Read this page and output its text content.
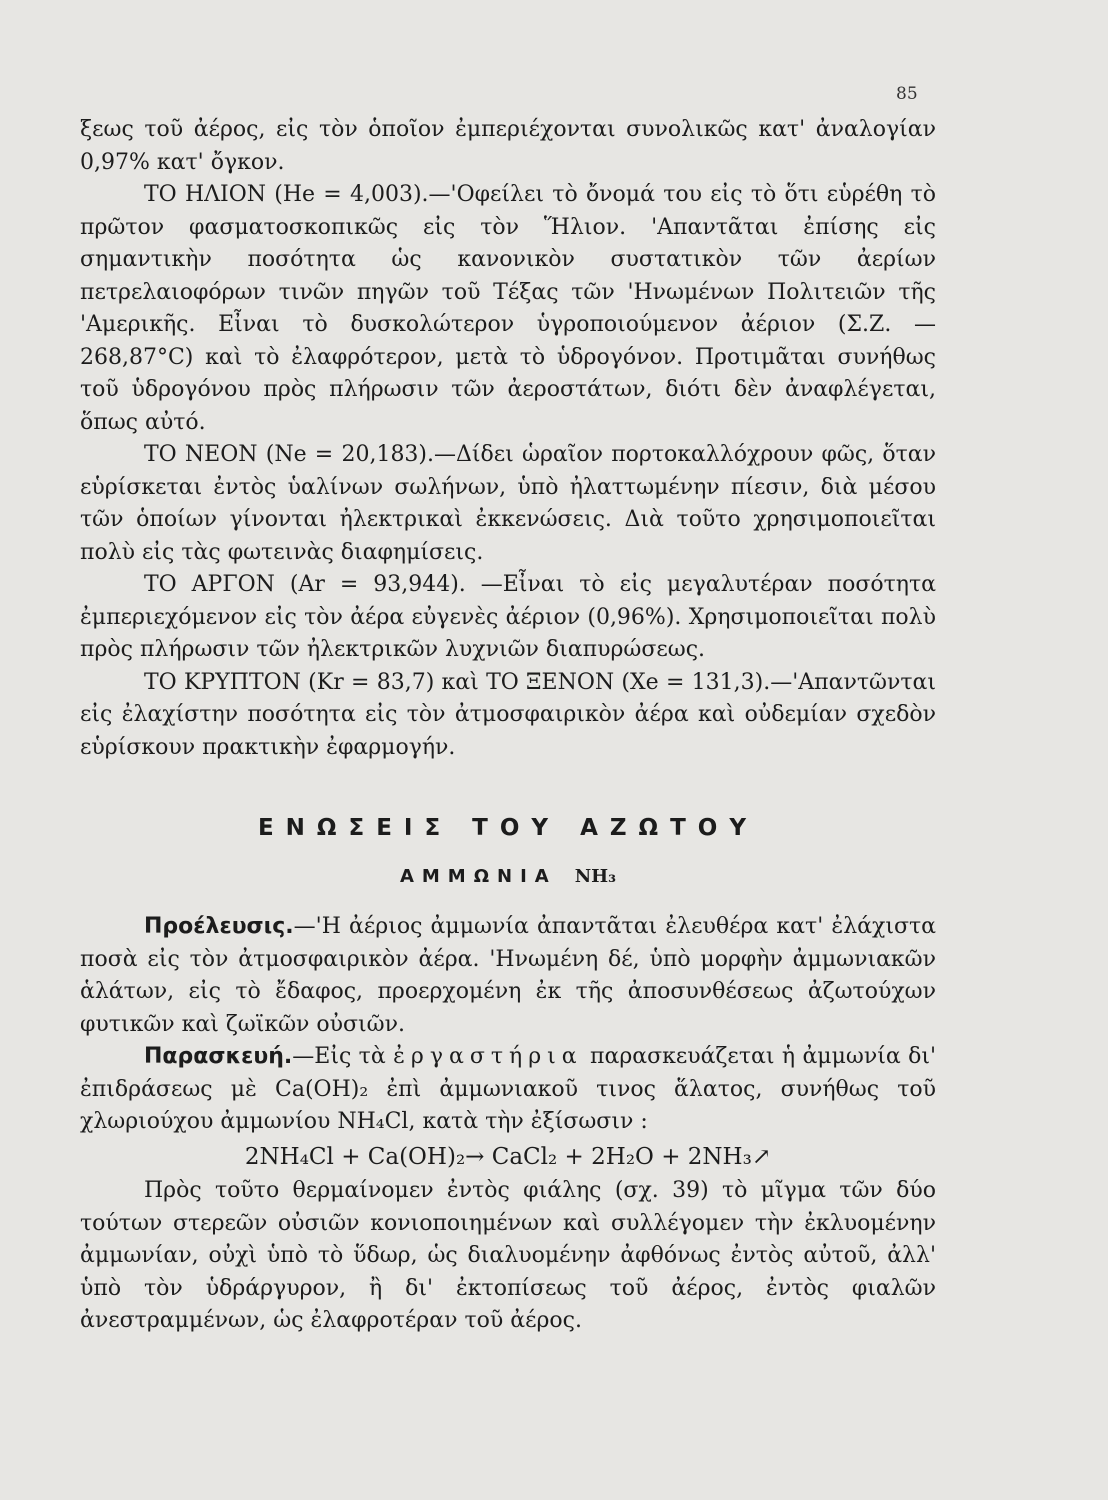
85

ξεως τοῦ ἀέρος, εἰς τὸν ὁποῖον ἐμπεριέχονται συνολικῶς κατ' ἀναλογίαν 0,97% κατ' ὄγκον.

ΤΟ ΗΛΙΟΝ (He = 4,003).—'Οφείλει τὸ ὄνομά του εἰς τὸ ὅτι εὑρέθη τὸ πρῶτον φασματοσκοπικῶς εἰς τὸν Ἥλιον. 'Απαντᾶται ἐπίσης εἰς σημαντικὴν ποσότητα ὡς κανονικὸν συστατικὸν τῶν ἀερίων πετρελαιοφόρων τινῶν πηγῶν τοῦ Τέξας τῶν 'Ηνωμένων Πολιτειῶν τῆς 'Αμερικῆς. Εἶναι τὸ δυσκολώτερον ὑγροποιούμενον ἀέριον (Σ.Ζ. —268,87°C) καὶ τὸ ἐλαφρότερον, μετὰ τὸ ὑδρογόνον. Προτιμᾶται συνήθως τοῦ ὑδρογόνου πρὸς πλήρωσιν τῶν ἀεροστάτων, διότι δὲν ἀναφλέγεται, ὅπως αὐτό.

ΤΟ ΝΕΟΝ (Ne = 20,183).—Δίδει ὡραῖον πορτοκαλλόχρουν φῶς, ὅταν εὑρίσκεται ἐντὸς ὑαλίνων σωλήνων, ὑπὸ ἠλαττωμένην πίεσιν, διὰ μέσου τῶν ὁποίων γίνονται ἠλεκτρικαὶ ἐκκενώσεις. Διὰ τοῦτο χρησιμοποιεῖται πολὺ εἰς τὰς φωτεινὰς διαφημίσεις.

ΤΟ ΑΡΓΟΝ (Ar = 93,944). —Εἶναι τὸ εἰς μεγαλυτέραν ποσότητα ἐμπεριεχόμενον εἰς τὸν ἀέρα εὐγενὲς ἀέριον (0,96%). Χρησιμοποιεῖται πολὺ πρὸς πλήρωσιν τῶν ἠλεκτρικῶν λυχνιῶν διαπυρώσεως.

ΤΟ ΚΡΥΠΤΟΝ (Kr = 83,7) καὶ ΤΟ ΞΕΝΟΝ (Xe = 131,3).—'Απαντῶνται εἰς ἐλαχίστην ποσότητα εἰς τὸν ἀτμοσφαιρικὸν ἀέρα καὶ οὐδεμίαν σχεδὸν εὑρίσκουν πρακτικὴν ἐφαρμογήν.

ΕΝΩΣΕΙΣ ΤΟΥ ΑΖΩΤΟΥ
ΑΜΜΩΝΙΑ NH₃

Προέλευσις.—'Η ἀέριος ἀμμωνία ἀπαντᾶται ἐλευθέρα κατ' ἐλάχιστα ποσὰ εἰς τὸν ἀτμοσφαιρικὸν ἀέρα. 'Ηνωμένη δέ, ὑπὸ μορφὴν ἀμμωνιακῶν ἁλάτων, εἰς τὸ ἔδαφος, προερχομένη ἐκ τῆς ἀποσυνθέσεως ἀζωτούχων φυτικῶν καὶ ζωϊκῶν οὐσιῶν.

Παρασκευή.—Εἰς τὰ ἐργαστήρια παρασκευάζεται ἡ ἀμμωνία δι' ἐπιδράσεως μὲ Ca(OH)₂ ἐπὶ ἀμμωνιακοῦ τινος ἅλατος, συνήθως τοῦ χλωριούχου ἀμμωνίου NH₄Cl, κατὰ τὴν ἐξίσωσιν :

2NH₄Cl + Ca(OH)₂→ CaCl₂ + 2H₂O + 2NH₃↗

Πρὸς τοῦτο θερμαίνομεν ἐντὸς φιάλης (σχ. 39) τὸ μῖγμα τῶν δύο τούτων στερεῶν οὐσιῶν κονιοποιημένων καὶ συλλέγομεν τὴν ἐκλυομένην ἀμμωνίαν, οὐχὶ ὑπὸ τὸ ὕδωρ, ὡς διαλυομένην ἀφθόνως ἐντὸς αὐτοῦ, ἀλλ' ὑπὸ τὸν ὑδράργυρον, ἢ δι' ἐκτοπίσεως τοῦ ἀέρος, ἐντὸς φιαλῶν ἀνεστραμμένων, ὡς ἐλαφροτέραν τοῦ ἀέρος.
